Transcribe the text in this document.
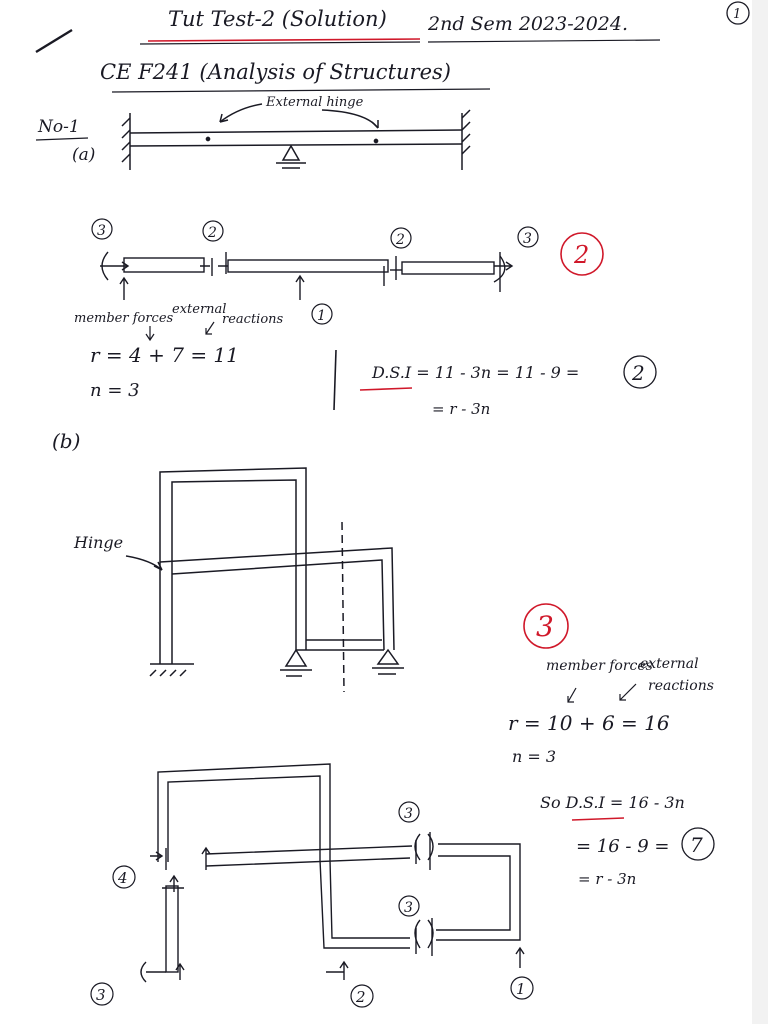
Tut Test-2 (Solution) 2nd Sem 2023-2024.
CE F241 (Analysis of Structures)
1
No-1
(a)
External hinge
3	2	2	3
1
2
member forces
external
reactions
r = 4 + 7 = 11
n = 3
D.S.I = 11 - 3n = 11 - 9 =	2
= r - 3n
(b)
Hinge
3
member forces
external
reactions
r = 10 + 6 = 16
n = 3
So D.S.I = 16 - 3n
= 16 - 9 = 7
= r - 3n
4
3
3
3
2	1
